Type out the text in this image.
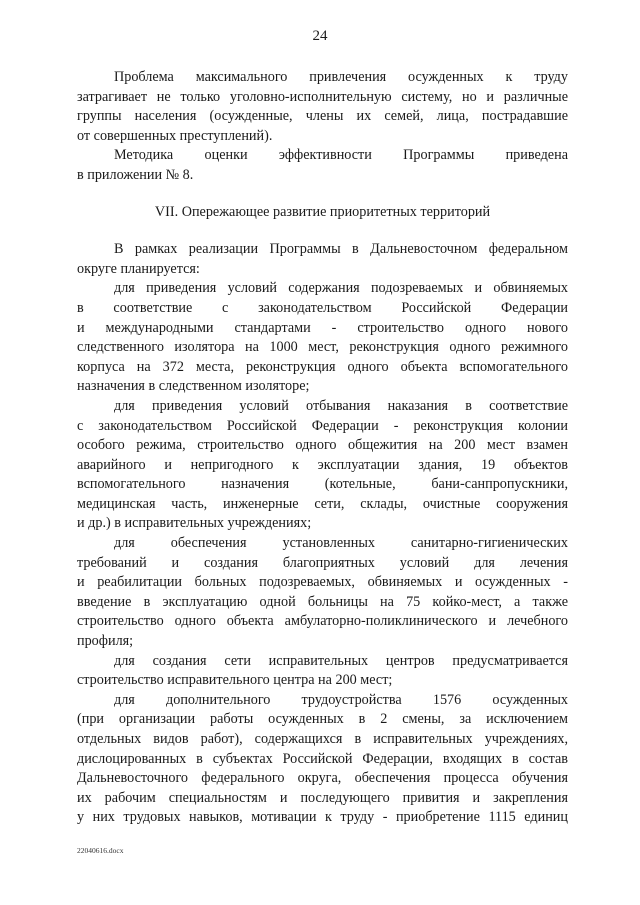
24
Проблема максимального привлечения осужденных к труду
затрагивает не только уголовно-исполнительную систему, но и различные
группы населения (осужденные, члены их семей, лица, пострадавшие
от совершенных преступлений).
Методика оценки эффективности Программы приведена
в приложении № 8.
VII. Опережающее развитие приоритетных территорий
В рамках реализации Программы в Дальневосточном федеральном
округе планируется:
для приведения условий содержания подозреваемых и обвиняемых
в соответствие с законодательством Российской Федерации
и международными стандартами - строительство одного нового
следственного изолятора на 1000 мест, реконструкция одного режимного
корпуса на 372 места, реконструкция одного объекта вспомогательного
назначения в следственном изоляторе;
для приведения условий отбывания наказания в соответствие
с законодательством Российской Федерации - реконструкция колонии
особого режима, строительство одного общежития на 200 мест взамен
аварийного и непригодного к эксплуатации здания, 19 объектов
вспомогательного назначения (котельные, бани-санпропускники,
медицинская часть, инженерные сети, склады, очистные сооружения
и др.) в исправительных учреждениях;
для обеспечения установленных санитарно-гигиенических
требований и создания благоприятных условий для лечения
и реабилитации больных подозреваемых, обвиняемых и осужденных -
введение в эксплуатацию одной больницы на 75 койко-мест, а также
строительство одного объекта амбулаторно-поликлинического и лечебного
профиля;
для создания сети исправительных центров предусматривается
строительство исправительного центра на 200 мест;
для дополнительного трудоустройства 1576 осужденных
(при организации работы осужденных в 2 смены, за исключением
отдельных видов работ), содержащихся в исправительных учреждениях,
дислоцированных в субъектах Российской Федерации, входящих в состав
Дальневосточного федерального округа, обеспечения процесса обучения
их рабочим специальностям и последующего привития и закрепления
у них трудовых навыков, мотивации к труду - приобретение 1115 единиц
22040616.docx
